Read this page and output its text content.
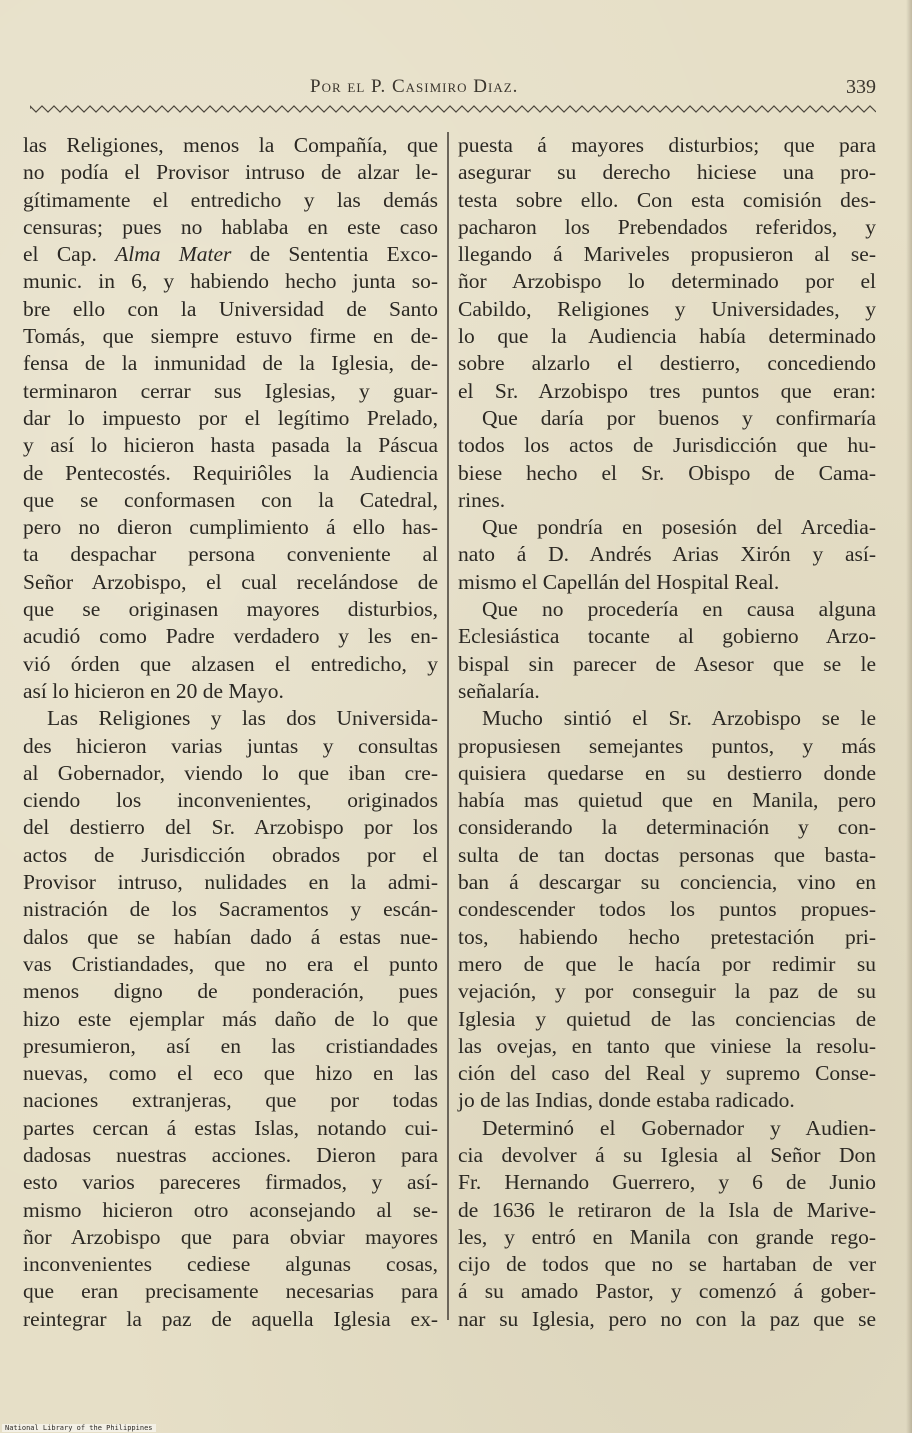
Por el P. Casimiro Diaz.	339
las Religiones, menos la Compañía, que
no podía el Provisor intruso de alzar le-
gítimamente el entredicho y las demás
censuras; pues no hablaba en este caso
el Cap. Alma Mater de Sententia Exco-
munic. in 6, y habiendo hecho junta so-
bre ello con la Universidad de Santo
Tomás, que siempre estuvo firme en de-
fensa de la inmunidad de la Iglesia, de-
terminaron cerrar sus Iglesias, y guar-
dar lo impuesto por el legítimo Prelado,
y así lo hicieron hasta pasada la Páscua
de Pentecostés. Requiriôles la Audiencia
que se conformasen con la Catedral,
pero no dieron cumplimiento á ello has-
ta despachar persona conveniente al
Señor Arzobispo, el cual recelándose de
que se originasen mayores disturbios,
acudió como Padre verdadero y les en-
vió órden que alzasen el entredicho, y
así lo hicieron en 20 de Mayo.
Las Religiones y las dos Universida-
des hicieron varias juntas y consultas
al Gobernador, viendo lo que iban cre-
ciendo los inconvenientes, originados
del destierro del Sr. Arzobispo por los
actos de Jurisdicción obrados por el
Provisor intruso, nulidades en la admi-
nistración de los Sacramentos y escán-
dalos que se habían dado á estas nue-
vas Cristiandades, que no era el punto
menos digno de ponderación, pues
hizo este ejemplar más daño de lo que
presumieron, así en las cristiandades
nuevas, como el eco que hizo en las
naciones extranjeras, que por todas
partes cercan á estas Islas, notando cui-
dadosas nuestras acciones. Dieron para
esto varios pareceres firmados, y así-
mismo hicieron otro aconsejando al se-
ñor Arzobispo que para obviar mayores
inconvenientes cediese algunas cosas,
que eran precisamente necesarias para
reintegrar la paz de aquella Iglesia ex-
puesta á mayores disturbios; que para
asegurar su derecho hiciese una pro-
testa sobre ello. Con esta comisión des-
pacharon los Prebendados referidos, y
llegando á Mariveles propusieron al se-
ñor Arzobispo lo determinado por el
Cabildo, Religiones y Universidades, y
lo que la Audiencia había determinado
sobre alzarlo el destierro, concediendo
el Sr. Arzobispo tres puntos que eran:
Que daría por buenos y confirmaría
todos los actos de Jurisdicción que hu-
biese hecho el Sr. Obispo de Cama-
rines.
Que pondría en posesión del Arcedia-
nato á D. Andrés Arias Xirón y así-
mismo el Capellán del Hospital Real.
Que no procedería en causa alguna
Eclesiástica tocante al gobierno Arzo-
bispal sin parecer de Asesor que se le
señalaría.
Mucho sintió el Sr. Arzobispo se le
propusiesen semejantes puntos, y más
quisiera quedarse en su destierro donde
había mas quietud que en Manila, pero
considerando la determinación y con-
sulta de tan doctas personas que basta-
ban á descargar su conciencia, vino en
condescender todos los puntos propues-
tos, habiendo hecho pretestación pri-
mero de que le hacía por redimir su
vejación, y por conseguir la paz de su
Iglesia y quietud de las conciencias de
las ovejas, en tanto que viniese la resolu-
ción del caso del Real y supremo Conse-
jo de las Indias, donde estaba radicado.
Determinó el Gobernador y Audien-
cia devolver á su Iglesia al Señor Don
Fr. Hernando Guerrero, y 6 de Junio
de 1636 le retiraron de la Isla de Marive-
les, y entró en Manila con grande rego-
cijo de todos que no se hartaban de ver
á su amado Pastor, y comenzó á gober-
nar su Iglesia, pero no con la paz que se
National Library of the Philippines
